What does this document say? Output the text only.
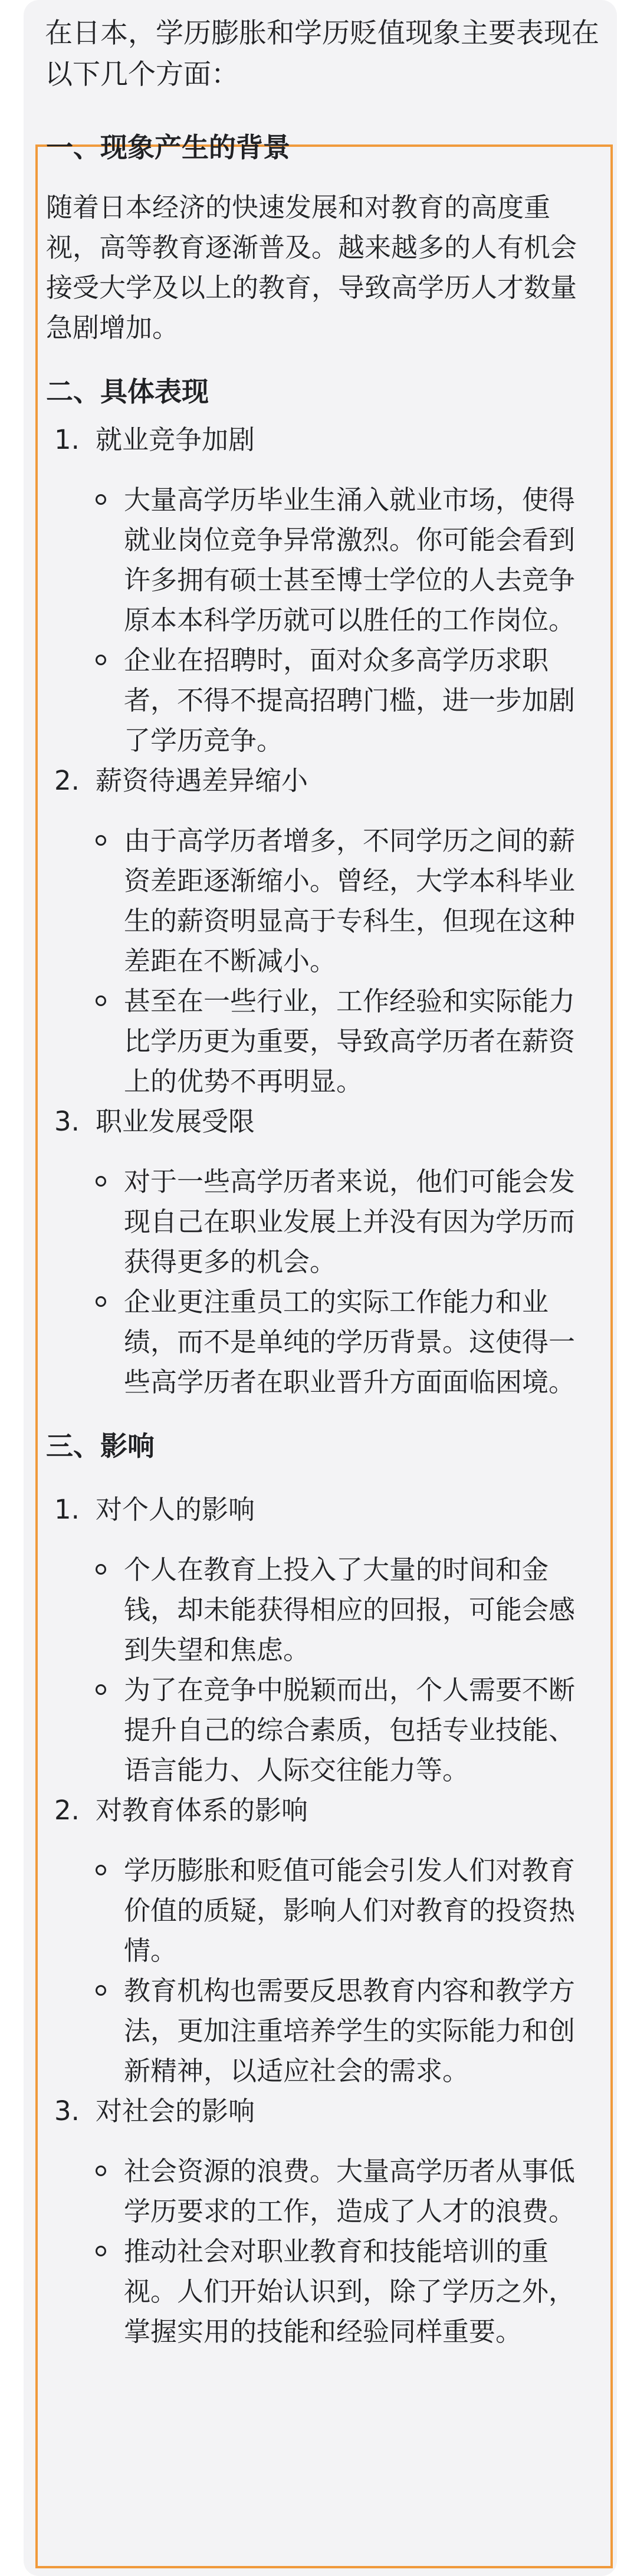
在日本，学历膨胀和学历贬值现象主要表现在以下几个方面：

一、现象产生的背景

随着日本经济的快速发展和对教育的高度重视，高等教育逐渐普及。越来越多的人有机会接受大学及以上的教育，导致高学历人才数量急剧增加。

二、具体表现

1. 就业竞争加剧
大量高学历毕业生涌入就业市场，使得就业岗位竞争异常激烈。你可能会看到许多拥有硕士甚至博士学位的人去竞争原本本科学历就可以胜任的工作岗位。
企业在招聘时，面对众多高学历求职者，不得不提高招聘门槛，进一步加剧了学历竞争。
2. 薪资待遇差异缩小
由于高学历者增多，不同学历之间的薪资差距逐渐缩小。曾经，大学本科毕业生的薪资明显高于专科生，但现在这种差距在不断减小。
甚至在一些行业，工作经验和实际能力比学历更为重要，导致高学历者在薪资上的优势不再明显。
3. 职业发展受限
对于一些高学历者来说，他们可能会发现自己在职业发展上并没有因为学历而获得更多的机会。
企业更注重员工的实际工作能力和业绩，而不是单纯的学历背景。这使得一些高学历者在职业晋升方面面临困境。

三、影响

1. 对个人的影响
个人在教育上投入了大量的时间和金钱，却未能获得相应的回报，可能会感到失望和焦虑。
为了在竞争中脱颖而出，个人需要不断提升自己的综合素质，包括专业技能、语言能力、人际交往能力等。
2. 对教育体系的影响
学历膨胀和贬值可能会引发人们对教育价值的质疑，影响人们对教育的投资热情。
教育机构也需要反思教育内容和教学方法，更加注重培养学生的实际能力和创新精神，以适应社会的需求。
3. 对社会的影响
社会资源的浪费。大量高学历者从事低学历要求的工作，造成了人才的浪费。
推动社会对职业教育和技能培训的重视。人们开始认识到，除了学历之外，掌握实用的技能和经验同样重要。
